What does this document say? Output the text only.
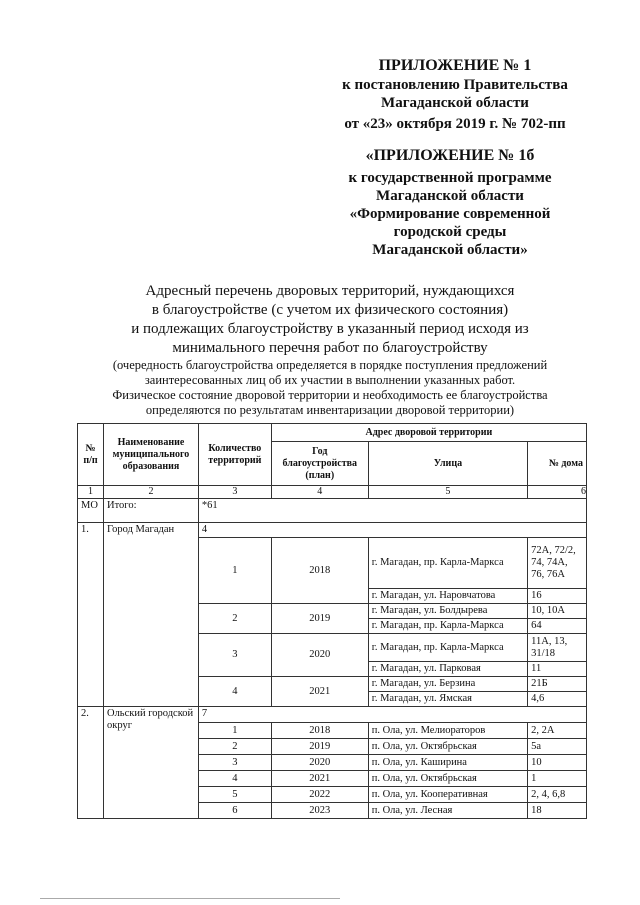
ПРИЛОЖЕНИЕ № 1
к постановлению Правительства
Магаданской области
от «23» октября 2019 г. № 702-пп
«ПРИЛОЖЕНИЕ № 1б
к государственной программе
Магаданской области
«Формирование современной
городской среды
Магаданской области»
Адресный перечень дворовых территорий, нуждающихся
в благоустройстве (с учетом их физического состояния)
и подлежащих благоустройству в указанный период исходя из
минимального перечня работ по благоустройству
(очередность благоустройства определяется в порядке поступления предложений
заинтересованных лиц об их участии в выполнении указанных работ.
Физическое состояние дворовой территории и необходимость ее благоустройства
определяются по результатам инвентаризации дворовой территории)
№ п/п	Наименование муниципального образования	Количество территорий	Адрес дворовой территории		
			Год благоустройства (план)	Улица	№ дома
1	2	3	4	5	6
МО	Итого:	*61			
1.	Город Магадан	4			
		1	2018	г. Магадан, пр. Карла-Маркса	72А, 72/2, 74, 74А, 76, 76А
				г. Магадан, ул. Наровчатова	16
		2	2019	г. Магадан, ул. Болдырева	10, 10А
				г. Магадан, пр. Карла-Маркса	64
		3	2020	г. Магадан, пр. Карла-Маркса	11А, 13, 31/18
				г. Магадан, ул. Парковая	11
		4	2021	г. Магадан, ул. Берзина	21Б
				г. Магадан, ул. Ямская	4,6
2.	Ольский городской округ	7			
		1	2018	п. Ола, ул. Мелиораторов	2, 2А
		2	2019	п. Ола, ул. Октябрьская	5а
		3	2020	п. Ола, ул. Каширина	10
		4	2021	п. Ола, ул. Октябрьская	1
		5	2022	п. Ола, ул. Кооперативная	2, 4, 6,8
		6	2023	п. Ола, ул. Лесная	18
